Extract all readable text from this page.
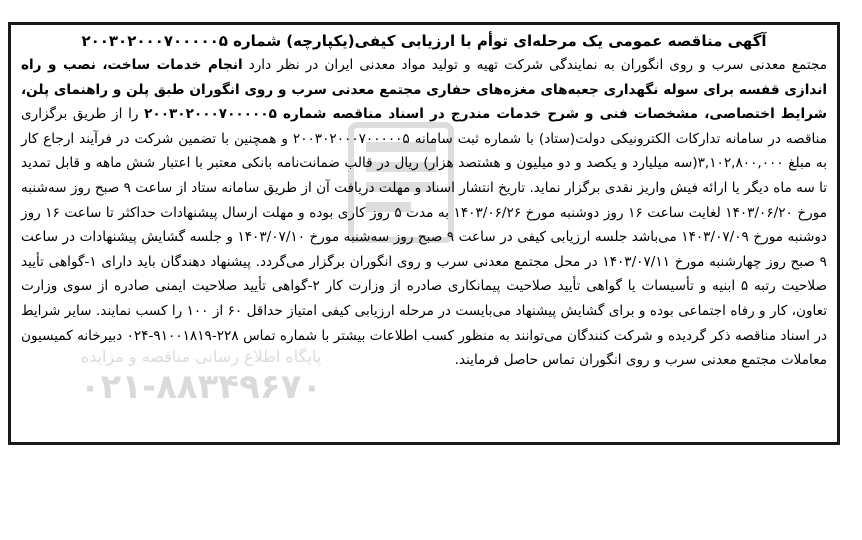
آگهی مناقصه عمومی یک مرحله‌ای توأم با ارزیابی کیفی(یکپارچه) شماره ۲۰۰۳۰۲۰۰۰۷۰۰۰۰۰۵

مجتمع معدنی سرب و روی انگوران به نمایندگی شرکت تهیه و تولید مواد معدنی ایران در نظر دارد انجام خدمات ساخت، نصب و راه اندازی قفسه برای سوله نگهداری جعبه‌های مغزه‌های حفاری مجتمع معدنی سرب و روی انگوران طبق پلن و راهنمای پلن، شرایط اختصاصی، مشخصات فنی و شرح خدمات مندرج در اسناد مناقصه شماره ۲۰۰۳۰۲۰۰۰۷۰۰۰۰۰۵ را از طریق برگزاری مناقصه در سامانه تدارکات الکترونیکی دولت(ستاد) با شماره ثبت سامانه ۲۰۰۳۰۲۰۰۰۷۰۰۰۰۰۵ و همچنین با تضمین شرکت در فرآیند ارجاع کار به مبلغ ۳,۱۰۲,۸۰۰,۰۰۰(سه میلیارد و یکصد و دو میلیون و هشتصد هزار) ریال در قالب ضمانت‌نامه بانکی معتبر با اعتبار شش ماهه و قابل تمدید تا سه ماه دیگر یا ارائه فیش واریز نقدی برگزار نماید. تاریخ انتشار اسناد و مهلت دریافت آن از طریق سامانه ستاد از ساعت ۹ صبح روز سه‌شنبه مورخ ۱۴۰۳/۰۶/۲۰ لغایت ساعت ۱۶ روز دوشنبه مورخ ۱۴۰۳/۰۶/۲۶ به مدت ۵ روز کاری بوده و مهلت ارسال پیشنهادات حداکثر تا ساعت ۱۶ روز دوشنبه مورخ ۱۴۰۳/۰۷/۰۹ می‌باشد جلسه ارزیابی کیفی در ساعت ۹ صبح روز سه‌شنبه مورخ ۱۴۰۳/۰۷/۱۰ و جلسه گشایش پیشنهادات در ساعت ۹ صبح روز چهارشنبه مورخ ۱۴۰۳/۰۷/۱۱ در محل مجتمع معدنی سرب و روی انگوران برگزار می‌گردد. پیشنهاد دهندگان باید دارای ۱-گواهی تأیید صلاحیت رتبه ۵ ابنیه و تأسیسات یا گواهی تأیید صلاحیت پیمانکاری صادره از وزارت کار ۲-گواهی تأیید صلاحیت ایمنی صادره از سوی وزارت تعاون، کار و رفاه اجتماعی بوده و برای گشایش پیشنهاد می‌بایست در مرحله ارزیابی کیفی امتیاز حداقل ۶۰ از ۱۰۰ را کسب نمایند. سایر شرایط در اسناد مناقصه ذکر گردیده و شرکت کنندگان می‌توانند به منظور کسب اطلاعات بیشتر با شماره تماس ۲۲۸-۹۱۰۰۱۸۱۹-۰۲۴ دبیرخانه کمیسیون معاملات مجتمع معدنی سرب و روی انگوران تماس حاصل فرمایند.

پایگاه اطلاع رسانی مناقصه و مزایده
۰۲۱-۸۸۳۴۹۶۷۰
